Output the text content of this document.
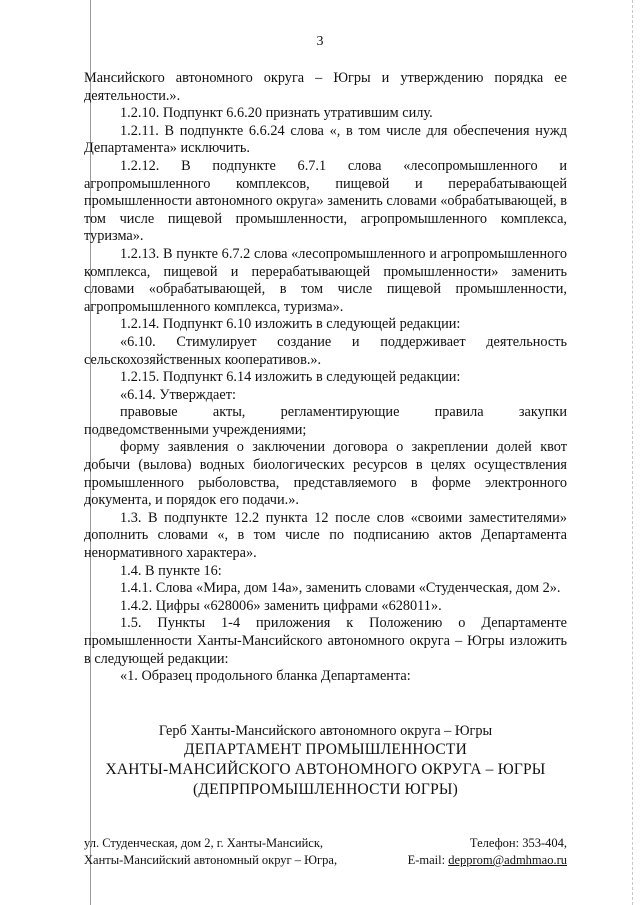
3

Мансийского автономного округа – Югры и утверждению порядка ее деятельности.».

1.2.10. Подпункт 6.6.20 признать утратившим силу.

1.2.11. В подпункте 6.6.24 слова «, в том числе для обеспечения нужд Департамента» исключить.

1.2.12. В подпункте 6.7.1 слова «лесопромышленного и агропромышленного комплексов, пищевой и перерабатывающей промышленности автономного округа» заменить словами «обрабатывающей, в том числе пищевой промышленности, агропромышленного комплекса, туризма».

1.2.13. В пункте 6.7.2 слова «лесопромышленного и агропромышленного комплекса, пищевой и перерабатывающей промышленности» заменить словами «обрабатывающей, в том числе пищевой промышленности, агропромышленного комплекса, туризма».

1.2.14. Подпункт 6.10 изложить в следующей редакции:

«6.10. Стимулирует создание и поддерживает деятельность сельскохозяйственных кооперативов.».

1.2.15. Подпункт 6.14 изложить в следующей редакции:

«6.14. Утверждает:

правовые акты, регламентирующие правила закупки подведомственными учреждениями;

форму заявления о заключении договора о закреплении долей квот добычи (вылова) водных биологических ресурсов в целях осуществления промышленного рыболовства, представляемого в форме электронного документа, и порядок его подачи.».

1.3. В подпункте 12.2 пункта 12 после слов «своими заместителями» дополнить словами «, в том числе по подписанию актов Департамента ненормативного характера».

1.4. В пункте 16:

1.4.1. Слова «Мира, дом 14а», заменить словами «Студенческая, дом 2».

1.4.2. Цифры «628006» заменить цифрами «628011».

1.5. Пункты 1-4 приложения к Положению о Департаменте промышленности Ханты-Мансийского автономного округа – Югры изложить в следующей редакции:

«1. Образец продольного бланка Департамента:

Герб Ханты-Мансийского автономного округа – Югры
ДЕПАРТАМЕНТ ПРОМЫШЛЕННОСТИ
ХАНТЫ-МАНСИЙСКОГО АВТОНОМНОГО ОКРУГА – ЮГРЫ
(ДЕПРПРОМЫШЛЕННОСТИ ЮГРЫ)
ул. Студенческая, дом 2, г. Ханты-Мансийск,
Ханты-Мансийский автономный округ – Югра,
Телефон: 353-404,
E-mail: depprom@admhmao.ru
